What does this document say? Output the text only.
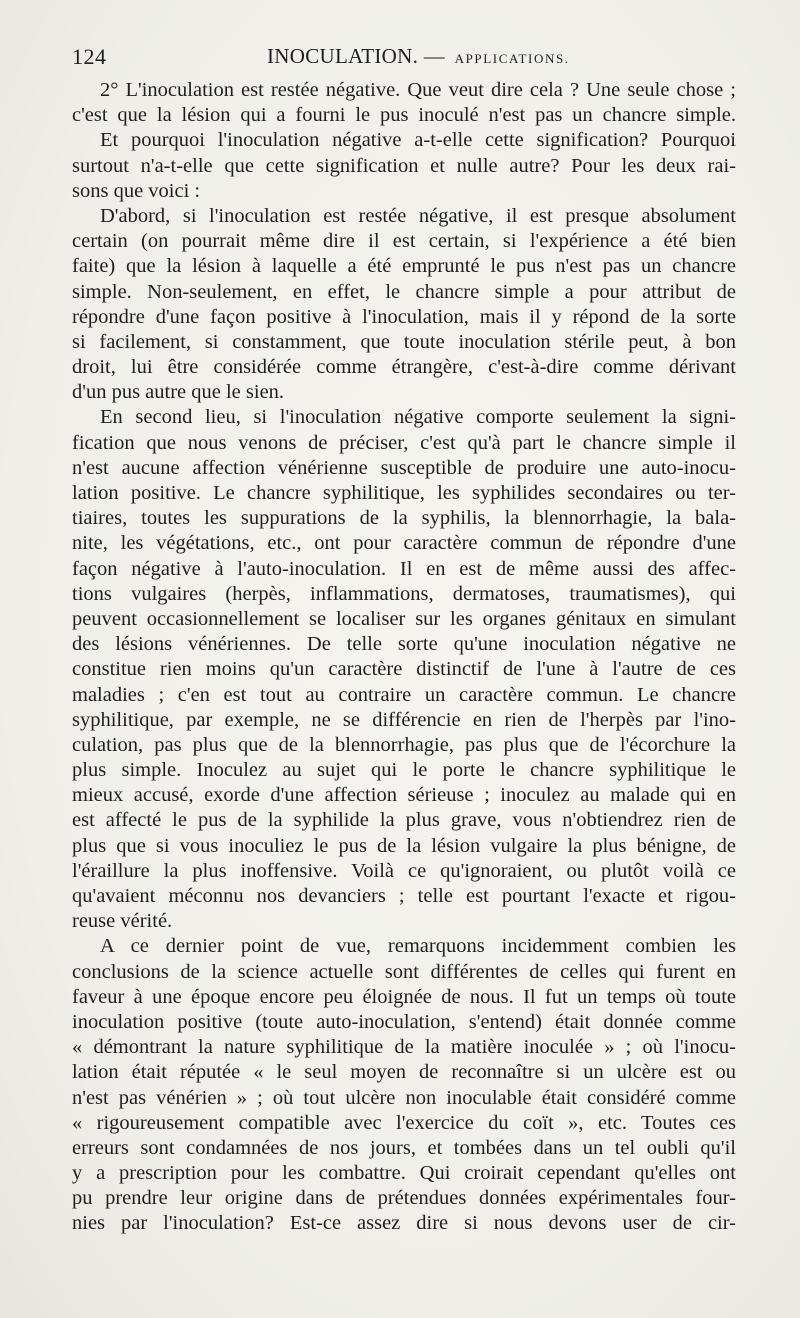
124	INOCULATION. — APPLICATIONS.
2° L'inoculation est restée négative. Que veut dire cela ? Une seule chose ;
c'est que la lésion qui a fourni le pus inoculé n'est pas un chancre simple.
Et pourquoi l'inoculation négative a-t-elle cette signification? Pourquoi
surtout n'a-t-elle que cette signification et nulle autre? Pour les deux rai-
sons que voici :
D'abord, si l'inoculation est restée négative, il est presque absolument
certain (on pourrait même dire il est certain, si l'expérience a été bien
faite) que la lésion à laquelle a été emprunté le pus n'est pas un chancre
simple. Non-seulement, en effet, le chancre simple a pour attribut de
répondre d'une façon positive à l'inoculation, mais il y répond de la sorte
si facilement, si constamment, que toute inoculation stérile peut, à bon
droit, lui être considérée comme étrangère, c'est-à-dire comme dérivant
d'un pus autre que le sien.
En second lieu, si l'inoculation négative comporte seulement la signi-
fication que nous venons de préciser, c'est qu'à part le chancre simple il
n'est aucune affection vénérienne susceptible de produire une auto-inocu-
lation positive. Le chancre syphilitique, les syphilides secondaires ou ter-
tiaires, toutes les suppurations de la syphilis, la blennorrhagie, la bala-
nite, les végétations, etc., ont pour caractère commun de répondre d'une
façon négative à l'auto-inoculation. Il en est de même aussi des affec-
tions vulgaires (herpès, inflammations, dermatoses, traumatismes), qui
peuvent occasionnellement se localiser sur les organes génitaux en simulant
des lésions vénériennes. De telle sorte qu'une inoculation négative ne
constitue rien moins qu'un caractère distinctif de l'une à l'autre de ces
maladies ; c'en est tout au contraire un caractère commun. Le chancre
syphilitique, par exemple, ne se différencie en rien de l'herpès par l'ino-
culation, pas plus que de la blennorrhagie, pas plus que de l'écorchure la
plus simple. Inoculez au sujet qui le porte le chancre syphilitique le
mieux accusé, exorde d'une affection sérieuse ; inoculez au malade qui en
est affecté le pus de la syphilide la plus grave, vous n'obtiendrez rien de
plus que si vous inoculiez le pus de la lésion vulgaire la plus bénigne, de
l'éraillure la plus inoffensive. Voilà ce qu'ignoraient, ou plutôt voilà ce
qu'avaient méconnu nos devanciers ; telle est pourtant l'exacte et rigou-
reuse vérité.
A ce dernier point de vue, remarquons incidemment combien les
conclusions de la science actuelle sont différentes de celles qui furent en
faveur à une époque encore peu éloignée de nous. Il fut un temps où toute
inoculation positive (toute auto-inoculation, s'entend) était donnée comme
« démontrant la nature syphilitique de la matière inoculée » ; où l'inocu-
lation était réputée « le seul moyen de reconnaître si un ulcère est ou
n'est pas vénérien » ; où tout ulcère non inoculable était considéré comme
« rigoureusement compatible avec l'exercice du coït », etc. Toutes ces
erreurs sont condamnées de nos jours, et tombées dans un tel oubli qu'il
y a prescription pour les combattre. Qui croirait cependant qu'elles ont
pu prendre leur origine dans de prétendues données expérimentales four-
nies par l'inoculation? Est-ce assez dire si nous devons user de cir-
